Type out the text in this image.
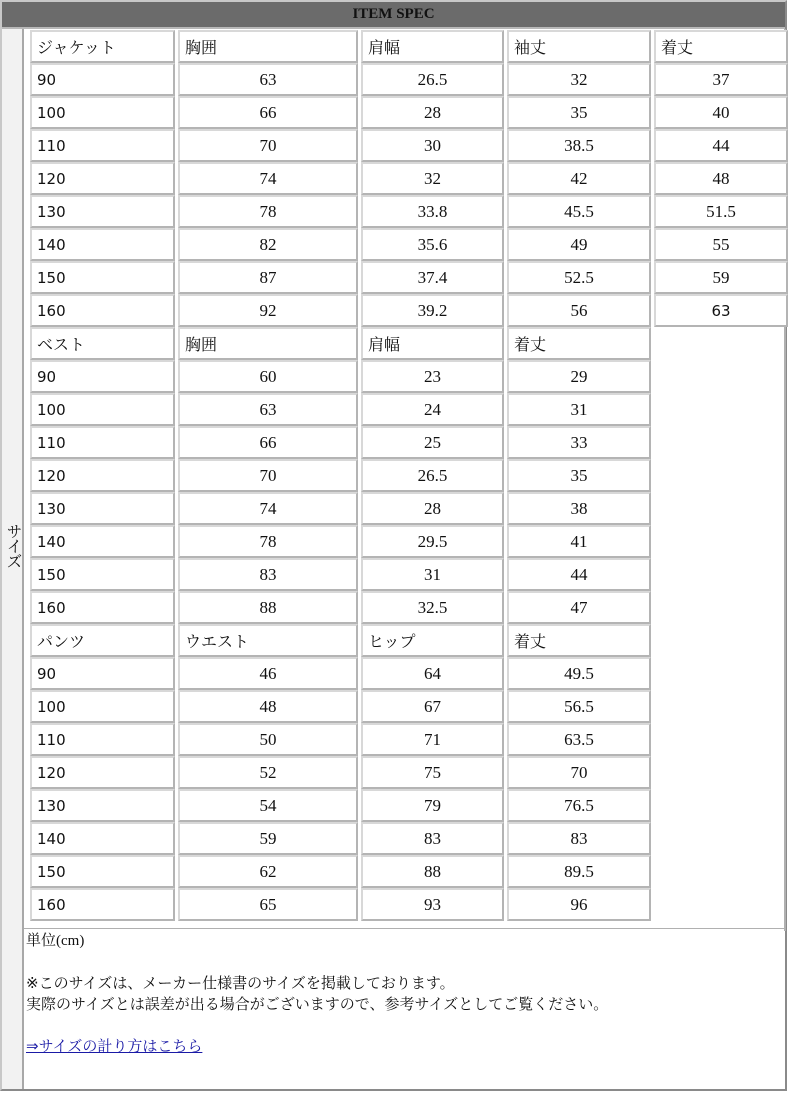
ITEM SPEC
サイズ
ジャケット	胸囲	肩幅	袖丈	着丈
90	63	26.5	32	37
100	66	28	35	40
110	70	30	38.5	44
120	74	32	42	48
130	78	33.8	45.5	51.5
140	82	35.6	49	55
150	87	37.4	52.5	59
160	92	39.2	56	63
ベスト	胸囲	肩幅	着丈	
90	60	23	29	
100	63	24	31	
110	66	25	33	
120	70	26.5	35	
130	74	28	38	
140	78	29.5	41	
150	83	31	44	
160	88	32.5	47	
パンツ	ウエスト	ヒップ	着丈	
90	46	64	49.5	
100	48	67	56.5	
110	50	71	63.5	
120	52	75	70	
130	54	79	76.5	
140	59	83	83	
150	62	88	89.5	
160	65	93	96	
単位(cm)
※このサイズは、メーカー仕様書のサイズを掲載しております。
実際のサイズとは誤差が出る場合がございますので、参考サイズとしてご覧ください。
⇒サイズの計り方はこちら
